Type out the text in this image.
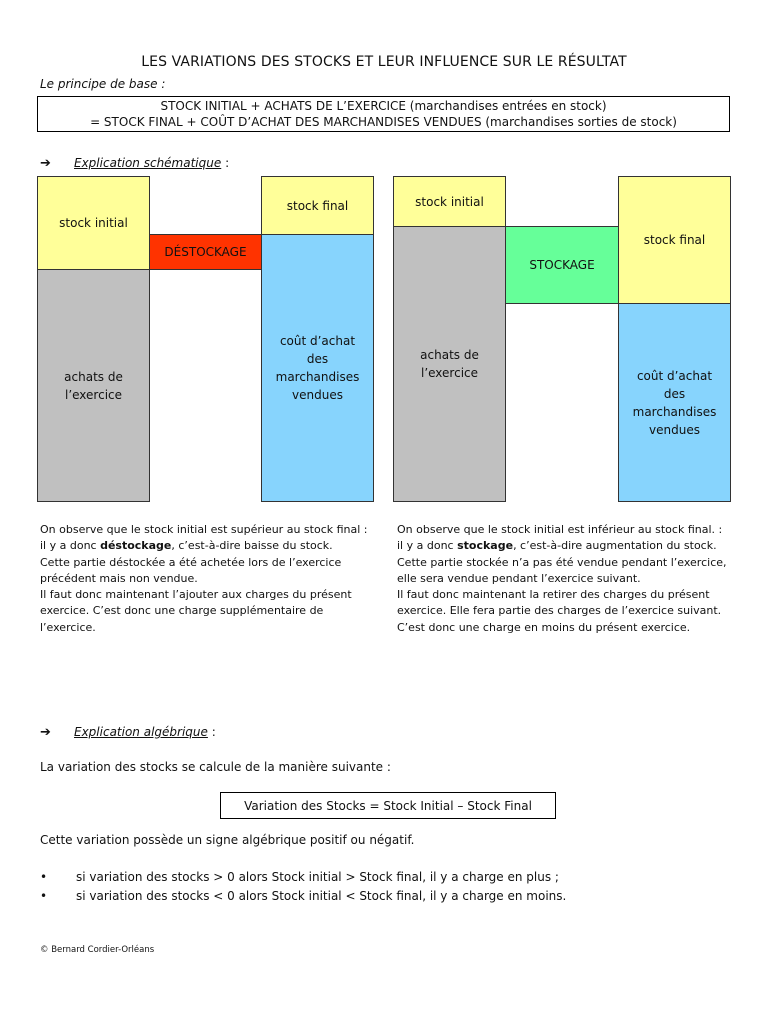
LES VARIATIONS DES STOCKS ET LEUR INFLUENCE SUR LE RÉSULTAT
Le principe de base :
STOCK INITIAL + ACHATS DE L’EXERCICE (marchandises entrées en stock)
= STOCK FINAL + COÛT D’ACHAT DES MARCHANDISES VENDUES (marchandises sorties de stock)
➔ Explication schématique :
stock initial
achats de l’exercice
DÉSTOCKAGE
stock final
coût d’achat des marchandises vendues
stock initial
achats de l’exercice
STOCKAGE
stock final
coût d’achat des marchandises vendues
On observe que le stock initial est supérieur au stock final : il y a donc déstockage, c’est-à-dire baisse du stock.
Cette partie déstockée a été achetée lors de l’exercice précédent mais non vendue.
Il faut donc maintenant l’ajouter aux charges du présent exercice. C’est donc une charge supplémentaire de l’exercice.
On observe que le stock initial est inférieur au stock final. : il y a donc stockage, c’est-à-dire augmentation du stock.
Cette partie stockée n’a pas été vendue pendant l’exercice, elle sera vendue pendant l’exercice suivant.
Il faut donc maintenant la retirer des charges du présent exercice. Elle fera partie des charges de l’exercice suivant.
C’est donc une charge en moins du présent exercice.
➔ Explication algébrique :
La variation des stocks se calcule de la manière suivante :
Variation des Stocks = Stock Initial – Stock Final
Cette variation possède un signe algébrique positif ou négatif.
• si variation des stocks > 0 alors Stock initial > Stock final, il y a charge en plus ;
• si variation des stocks < 0 alors Stock initial < Stock final, il y a charge en moins.
© Bernard Cordier-Orléans
